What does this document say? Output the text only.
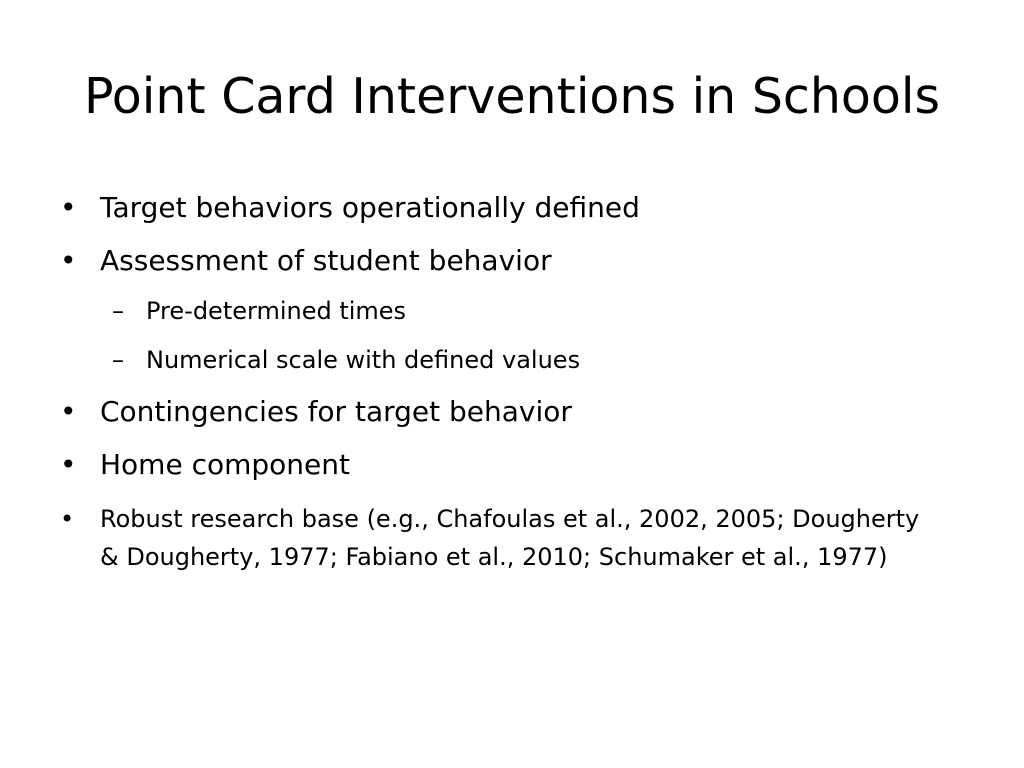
Point Card Interventions in Schools
• Target behaviors operationally defined
• Assessment of student behavior
– Pre-determined times
– Numerical scale with defined values
• Contingencies for target behavior
• Home component
• Robust research base (e.g., Chafoulas et al., 2002, 2005; Dougherty & Dougherty, 1977; Fabiano et al., 2010; Schumaker et al., 1977)
